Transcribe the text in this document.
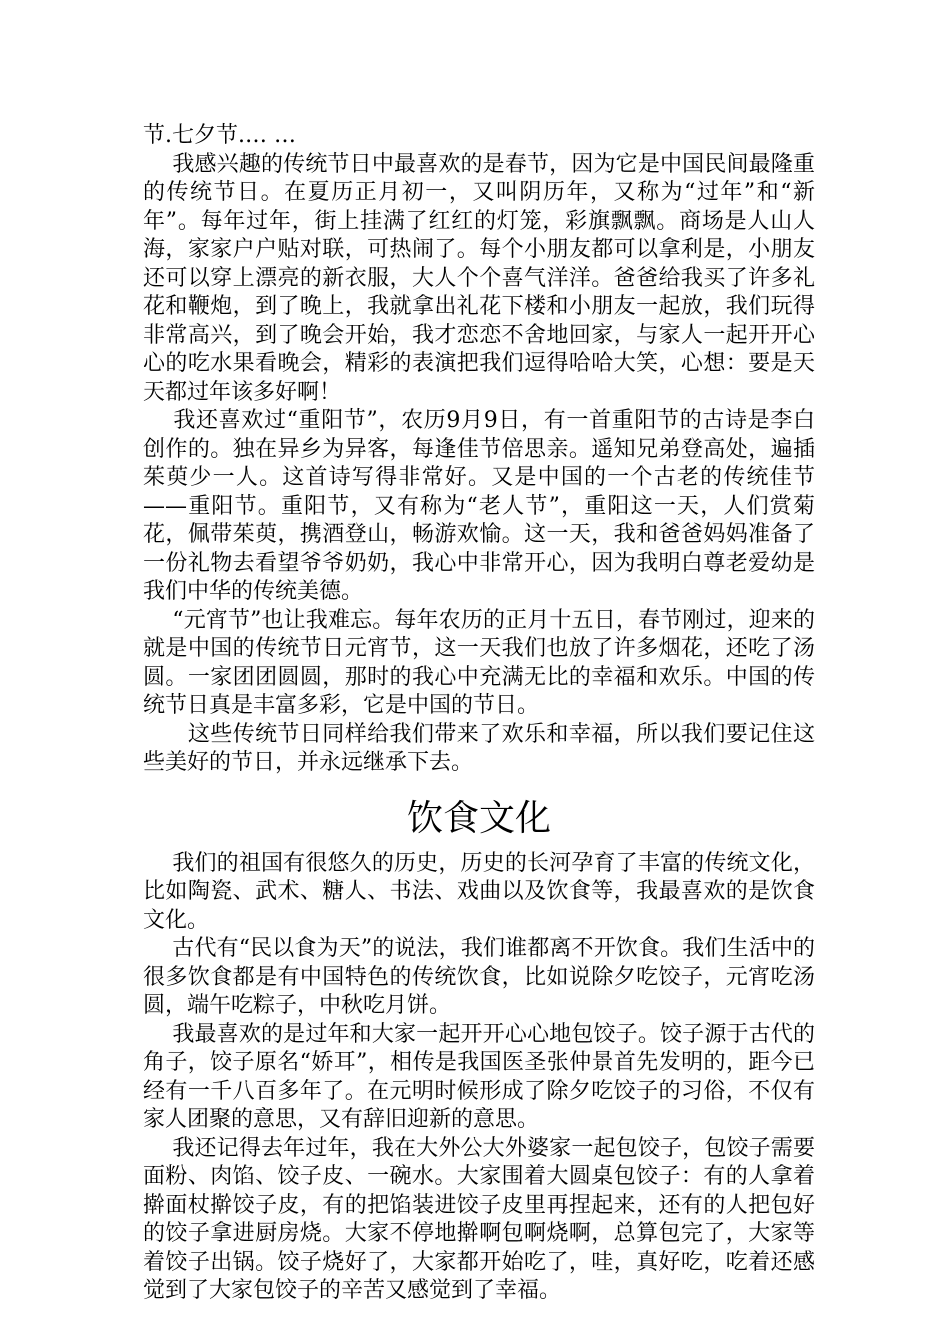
节.七夕节.… …

　 我感兴趣的传统节日中最喜欢的是春节，因为它是中国民间最隆重的传统节日。在夏历正月初一，又叫阴历年，又称为“过年”和“新年”。每年过年，街上挂满了红红的灯笼，彩旗飘飘。商场是人山人海，家家户户贴对联，可热闹了。每个小朋友都可以拿利是，小朋友还可以穿上漂亮的新衣服，大人个个喜气洋洋。爸爸给我买了许多礼花和鞭炮，到了晚上，我就拿出礼花下楼和小朋友一起放，我们玩得非常高兴，到了晚会开始，我才恋恋不舍地回家，与家人一起开开心心的吃水果看晚会，精彩的表演把我们逗得哈哈大笑，心想：要是天天都过年该多好啊！

　 我还喜欢过“重阳节”，农历9月9日，有一首重阳节的古诗是李白创作的。独在异乡为异客，每逢佳节倍思亲。遥知兄弟登高处，遍插茱萸少一人。这首诗写得非常好。又是中国的一个古老的传统佳节——重阳节。重阳节，又有称为“老人节”，重阳这一天，人们赏菊花，佩带茱萸，携酒登山，畅游欢愉。这一天，我和爸爸妈妈准备了一份礼物去看望爷爷奶奶，我心中非常开心，因为我明白尊老爱幼是我们中华的传统美德。

　 “元宵节”也让我难忘。每年农历的正月十五日，春节刚过，迎来的就是中国的传统节日元宵节，这一天我们也放了许多烟花，还吃了汤圆。一家团团圆圆，那时的我心中充满无比的幸福和欢乐。中国的传统节日真是丰富多彩，它是中国的节日。

　　这些传统节日同样给我们带来了欢乐和幸福，所以我们要记住这些美好的节日，并永远继承下去。

饮食文化

　 我们的祖国有很悠久的历史，历史的长河孕育了丰富的传统文化，比如陶瓷、武术、糖人、书法、戏曲以及饮食等，我最喜欢的是饮食文化。

　 古代有“民以食为天”的说法，我们谁都离不开饮食。我们生活中的很多饮食都是有中国特色的传统饮食，比如说除夕吃饺子，元宵吃汤圆，端午吃粽子，中秋吃月饼。

　 我最喜欢的是过年和大家一起开开心心地包饺子。饺子源于古代的角子，饺子原名“娇耳”，相传是我国医圣张仲景首先发明的，距今已经有一千八百多年了。在元明时候形成了除夕吃饺子的习俗，不仅有家人团聚的意思，又有辞旧迎新的意思。

　 我还记得去年过年，我在大外公大外婆家一起包饺子，包饺子需要面粉、肉馅、饺子皮、一碗水。大家围着大圆桌包饺子：有的人拿着擀面杖擀饺子皮，有的把馅装进饺子皮里再捏起来，还有的人把包好的饺子拿进厨房烧。大家不停地擀啊包啊烧啊，总算包完了，大家等着饺子出锅。饺子烧好了，大家都开始吃了，哇，真好吃，吃着还感觉到了大家包饺子的辛苦又感觉到了幸福。
